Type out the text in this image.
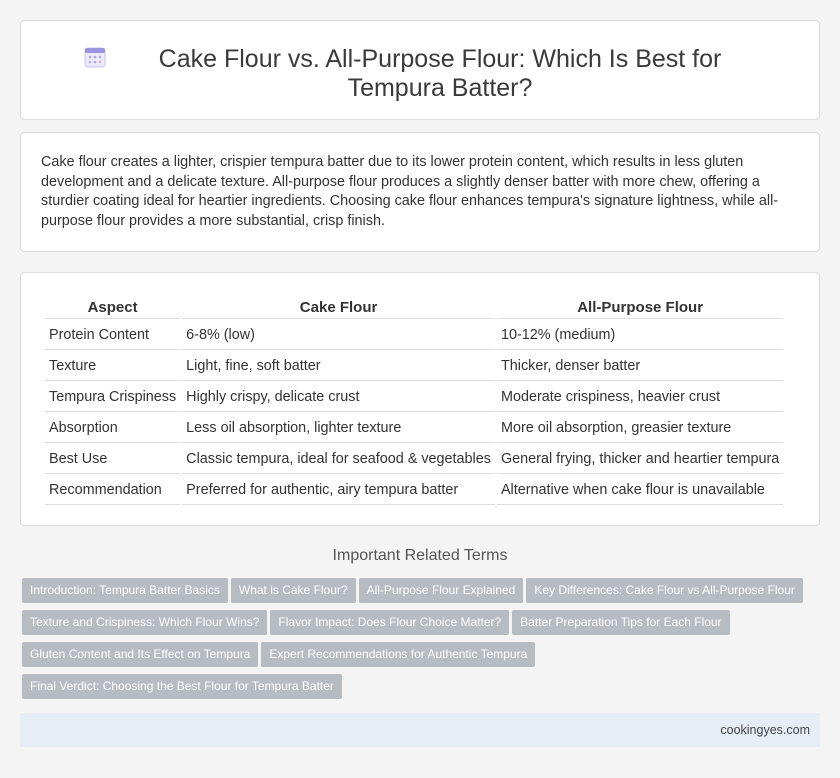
Cake Flour vs. All-Purpose Flour: Which Is Best for Tempura Batter?

Cake flour creates a lighter, crispier tempura batter due to its lower protein content, which results in less gluten development and a delicate texture. All-purpose flour produces a slightly denser batter with more chew, offering a sturdier coating ideal for heartier ingredients. Choosing cake flour enhances tempura's signature lightness, while all-purpose flour provides a more substantial, crisp finish.

Aspect	Cake Flour	All-Purpose Flour
Protein Content	6-8% (low)	10-12% (medium)
Texture	Light, fine, soft batter	Thicker, denser batter
Tempura Crispiness	Highly crispy, delicate crust	Moderate crispiness, heavier crust
Absorption	Less oil absorption, lighter texture	More oil absorption, greasier texture
Best Use	Classic tempura, ideal for seafood & vegetables	General frying, thicker and heartier tempura
Recommendation	Preferred for authentic, airy tempura batter	Alternative when cake flour is unavailable
Important Related Terms
Introduction: Tempura Batter Basics What is Cake Flour? All-Purpose Flour Explained Key Differences: Cake Flour vs All-Purpose Flour Texture and Crispiness: Which Flour Wins? Flavor Impact: Does Flour Choice Matter? Batter Preparation Tips for Each Flour Gluten Content and Its Effect on Tempura Expert Recommendations for Authentic Tempura Final Verdict: Choosing the Best Flour for Tempura Batter
cookingyes.com
